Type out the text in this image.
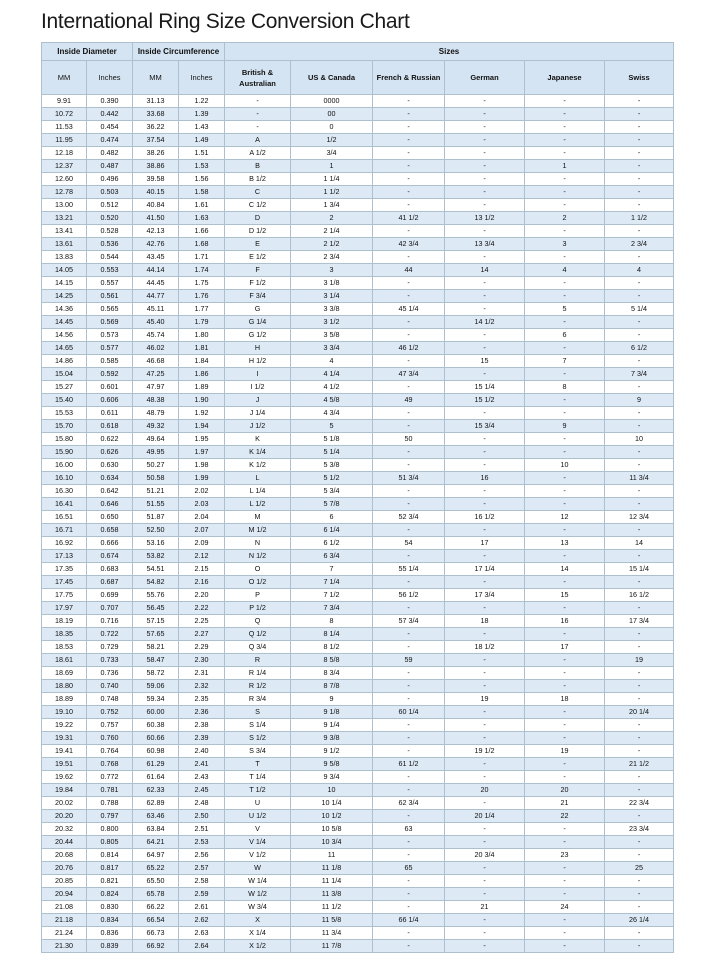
International Ring Size Conversion Chart
Inside Diameter		Inside Circumference		Sizes					
MM	Inches	MM	Inches	British & Australian	US & Canada	French & Russian	German	Japanese	Swiss
9.91	0.390	31.13	1.22	-	0000	-	-	-	-
10.72	0.442	33.68	1.39	-	00	-	-	-	-
11.53	0.454	36.22	1.43	-	0	-	-	-	-
11.95	0.474	37.54	1.49	A	1/2	-	-	-	-
12.18	0.482	38.26	1.51	A 1/2	3/4	-	-	-	-
12.37	0.487	38.86	1.53	B	1	-	-	1	-
12.60	0.496	39.58	1.56	B 1/2	1 1/4	-	-	-	-
12.78	0.503	40.15	1.58	C	1 1/2	-	-	-	-
13.00	0.512	40.84	1.61	C 1/2	1 3/4	-	-	-	-
13.21	0.520	41.50	1.63	D	2	41 1/2	13 1/2	2	1 1/2
13.41	0.528	42.13	1.66	D 1/2	2 1/4	-	-	-	-
13.61	0.536	42.76	1.68	E	2 1/2	42 3/4	13 3/4	3	2 3/4
13.83	0.544	43.45	1.71	E 1/2	2 3/4	-	-	-	-
14.05	0.553	44.14	1.74	F	3	44	14	4	4
14.15	0.557	44.45	1.75	F 1/2	3 1/8	-	-	-	-
14.25	0.561	44.77	1.76	F 3/4	3 1/4	-	-	-	-
14.36	0.565	45.11	1.77	G	3 3/8	45 1/4	-	5	5 1/4
14.45	0.569	45.40	1.79	G 1/4	3 1/2	-	14 1/2	-	-
14.56	0.573	45.74	1.80	G 1/2	3 5/8	-	-	6	-
14.65	0.577	46.02	1.81	H	3 3/4	46 1/2	-	-	6 1/2
14.86	0.585	46.68	1.84	H 1/2	4	-	15	7	-
15.04	0.592	47.25	1.86	I	4 1/4	47 3/4	-	-	7 3/4
15.27	0.601	47.97	1.89	I 1/2	4 1/2	-	15 1/4	8	-
15.40	0.606	48.38	1.90	J	4 5/8	49	15 1/2	-	9
15.53	0.611	48.79	1.92	J 1/4	4 3/4	-	-	-	-
15.70	0.618	49.32	1.94	J 1/2	5	-	15 3/4	9	-
15.80	0.622	49.64	1.95	K	5 1/8	50	-	-	10
15.90	0.626	49.95	1.97	K 1/4	5 1/4	-	-	-	-
16.00	0.630	50.27	1.98	K 1/2	5 3/8	-	-	10	-
16.10	0.634	50.58	1.99	L	5 1/2	51 3/4	16	-	11 3/4
16.30	0.642	51.21	2.02	L 1/4	5 3/4	-	-	-	-
16.41	0.646	51.55	2.03	L 1/2	5 7/8	-	-	-	-
16.51	0.650	51.87	2.04	M	6	52 3/4	16 1/2	12	12 3/4
16.71	0.658	52.50	2.07	M 1/2	6 1/4	-	-	-	-
16.92	0.666	53.16	2.09	N	6 1/2	54	17	13	14
17.13	0.674	53.82	2.12	N 1/2	6 3/4	-	-	-	-
17.35	0.683	54.51	2.15	O	7	55 1/4	17 1/4	14	15 1/4
17.45	0.687	54.82	2.16	O 1/2	7 1/4	-	-	-	-
17.75	0.699	55.76	2.20	P	7 1/2	56 1/2	17 3/4	15	16 1/2
17.97	0.707	56.45	2.22	P 1/2	7 3/4	-	-	-	-
18.19	0.716	57.15	2.25	Q	8	57 3/4	18	16	17 3/4
18.35	0.722	57.65	2.27	Q 1/2	8 1/4	-	-	-	-
18.53	0.729	58.21	2.29	Q 3/4	8 1/2	-	18 1/2	17	-
18.61	0.733	58.47	2.30	R	8 5/8	59	-	-	19
18.69	0.736	58.72	2.31	R 1/4	8 3/4	-	-	-	-
18.80	0.740	59.06	2.32	R 1/2	8 7/8	-	-	-	-
18.89	0.748	59.34	2.35	R 3/4	9	-	19	18	-
19.10	0.752	60.00	2.36	S	9 1/8	60 1/4	-	-	20 1/4
19.22	0.757	60.38	2.38	S 1/4	9 1/4	-	-	-	-
19.31	0.760	60.66	2.39	S 1/2	9 3/8	-	-	-	-
19.41	0.764	60.98	2.40	S 3/4	9 1/2	-	19 1/2	19	-
19.51	0.768	61.29	2.41	T	9 5/8	61 1/2	-	-	21 1/2
19.62	0.772	61.64	2.43	T 1/4	9 3/4	-	-	-	-
19.84	0.781	62.33	2.45	T 1/2	10	-	20	20	-
20.02	0.788	62.89	2.48	U	10 1/4	62 3/4	-	21	22 3/4
20.20	0.797	63.46	2.50	U 1/2	10 1/2	-	20 1/4	22	-
20.32	0.800	63.84	2.51	V	10 5/8	63	-	-	23 3/4
20.44	0.805	64.21	2.53	V 1/4	10 3/4	-	-	-	-
20.68	0.814	64.97	2.56	V 1/2	11	-	20 3/4	23	-
20.76	0.817	65.22	2.57	W	11 1/8	65	-	-	25
20.85	0.821	65.50	2.58	W 1/4	11 1/4	-	-	-	-
20.94	0.824	65.78	2.59	W 1/2	11 3/8	-	-	-	-
21.08	0.830	66.22	2.61	W 3/4	11 1/2	-	21	24	-
21.18	0.834	66.54	2.62	X	11 5/8	66 1/4	-	-	26 1/4
21.24	0.836	66.73	2.63	X 1/4	11 3/4	-	-	-	-
21.30	0.839	66.92	2.64	X 1/2	11 7/8	-	-	-	-
